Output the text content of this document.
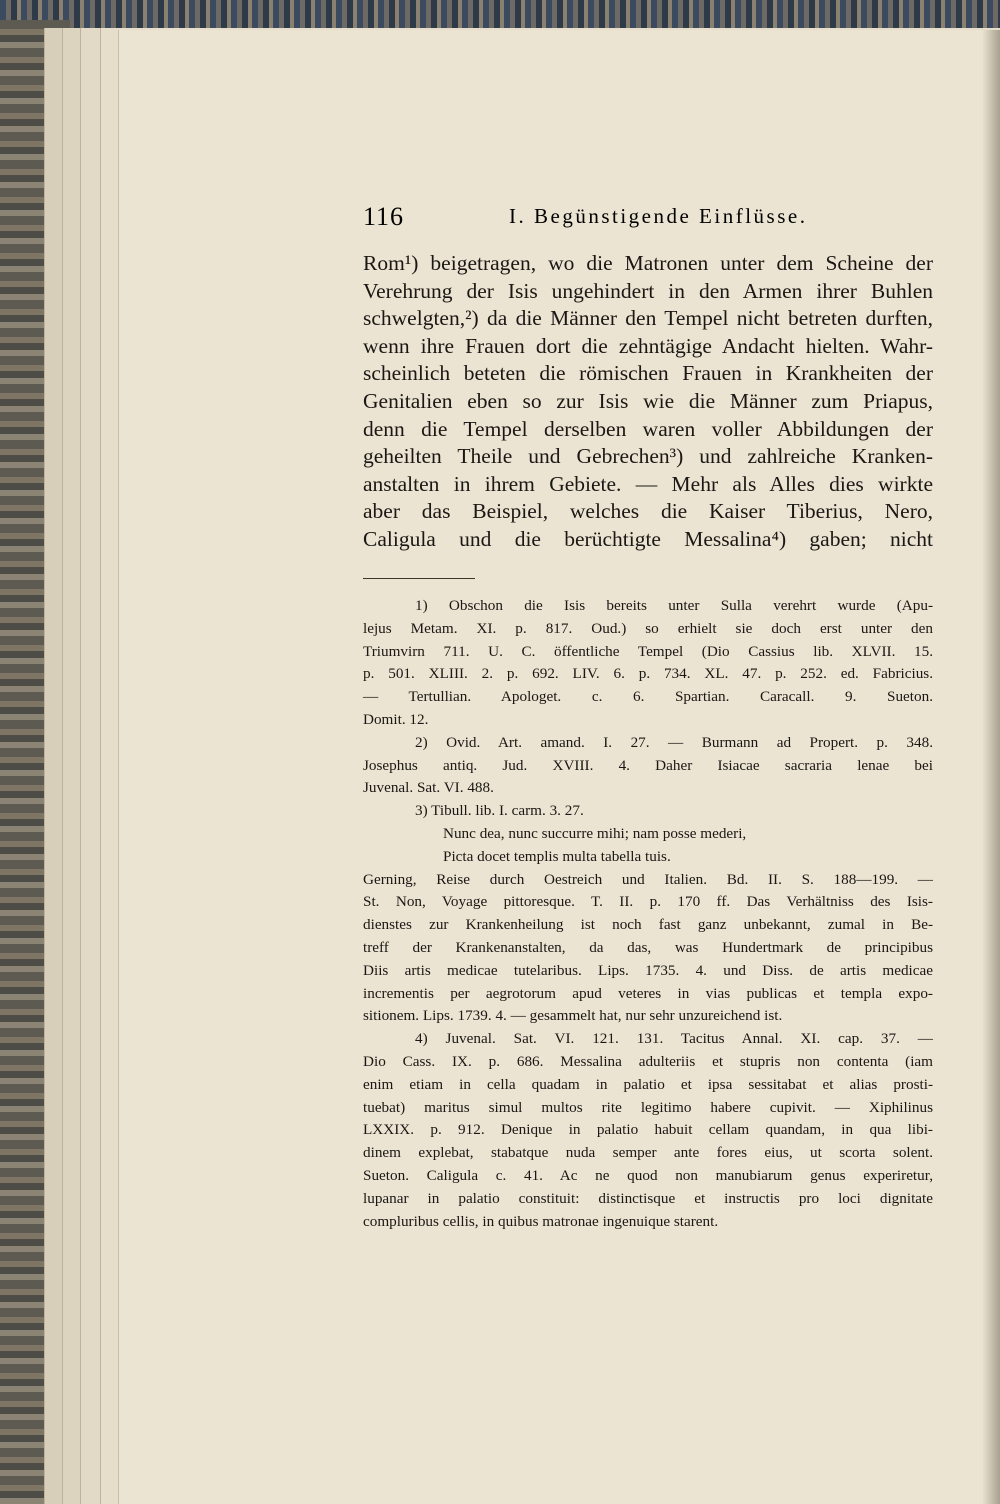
116	I. Begünstigende Einflüsse.
Rom¹) beigetragen, wo die Matronen unter dem Scheine der
Verehrung der Isis ungehindert in den Armen ihrer Buhlen
schwelgten,²) da die Männer den Tempel nicht betreten durften,
wenn ihre Frauen dort die zehntägige Andacht hielten. Wahr-
scheinlich beteten die römischen Frauen in Krankheiten der
Genitalien eben so zur Isis wie die Männer zum Priapus,
denn die Tempel derselben waren voller Abbildungen der
geheilten Theile und Gebrechen³) und zahlreiche Kranken-
anstalten in ihrem Gebiete. — Mehr als Alles dies wirkte
aber das Beispiel, welches die Kaiser Tiberius, Nero,
Caligula und die berüchtigte Messalina⁴) gaben; nicht
1) Obschon die Isis bereits unter Sulla verehrt wurde (Apu-
lejus Metam. XI. p. 817. Oud.) so erhielt sie doch erst unter den
Triumvirn 711. U. C. öffentliche Tempel (Dio Cassius lib. XLVII. 15.
p. 501. XLIII. 2. p. 692. LIV. 6. p. 734. XL. 47. p. 252. ed. Fabricius.
— Tertullian. Apologet. c. 6. Spartian. Caracall. 9. Sueton.
Domit. 12.
2) Ovid. Art. amand. I. 27. — Burmann ad Propert. p. 348.
Josephus antiq. Jud. XVIII. 4. Daher Isiacae sacraria lenae bei
Juvenal. Sat. VI. 488.
3) Tibull. lib. I. carm. 3. 27.
Nunc dea, nunc succurre mihi; nam posse mederi,
Picta docet templis multa tabella tuis.
Gerning, Reise durch Oestreich und Italien. Bd. II. S. 188—199. —
St. Non, Voyage pittoresque. T. II. p. 170 ff. Das Verhältniss des Isis-
dienstes zur Krankenheilung ist noch fast ganz unbekannt, zumal in Be-
treff der Krankenanstalten, da das, was Hundertmark de principibus
Diis artis medicae tutelaribus. Lips. 1735. 4. und Diss. de artis medicae
incrementis per aegrotorum apud veteres in vias publicas et templa expo-
sitionem. Lips. 1739. 4. — gesammelt hat, nur sehr unzureichend ist.
4) Juvenal. Sat. VI. 121. 131. Tacitus Annal. XI. cap. 37. —
Dio Cass. IX. p. 686. Messalina adulteriis et stupris non contenta (iam
enim etiam in cella quadam in palatio et ipsa sessitabat et alias prosti-
tuebat) maritus simul multos rite legitimo habere cupivit. — Xiphilinus
LXXIX. p. 912. Denique in palatio habuit cellam quandam, in qua libi-
dinem explebat, stabatque nuda semper ante fores eius, ut scorta solent.
Sueton. Caligula c. 41. Ac ne quod non manubiarum genus experiretur,
lupanar in palatio constituit: distinctisque et instructis pro loci dignitate
compluribus cellis, in quibus matronae ingenuique starent.
